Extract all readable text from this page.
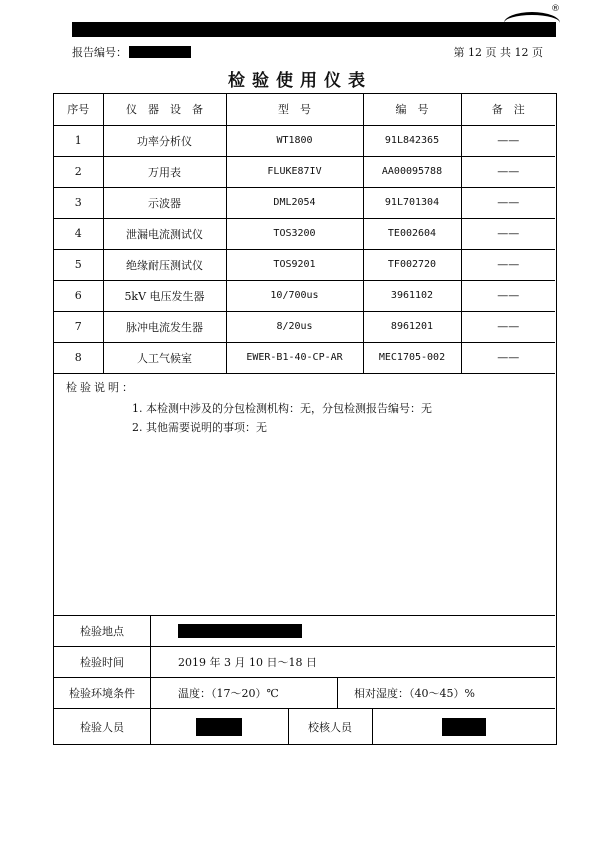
®
报告编号：	第 12 页 共 12 页
检验使用仪表
序号	仪　器　设　备	型　号	编　号	备　注
1	功率分析仪	WT1800	91L842365	——
2	万用表	FLUKE87IV	AA00095788	——
3	示波器	DML2054	91L701304	——
4	泄漏电流测试仪	TOS3200	TE002604	——
5	绝缘耐压测试仪	TOS9201	TF002720	——
6	5kV 电压发生器	10/700us	3961102	——
7	脉冲电流发生器	8/20us	8961201	——
8	人工气候室	EWER-B1-40-CP-AR	MEC1705-002	——
检验说明：
1. 本检测中涉及的分包检测机构：无，分包检测报告编号：无
2. 其他需要说明的事项：无
检验地点
检验时间	2019 年 3 月 10 日～18 日
检验环境条件	温度：（17～20）℃	相对湿度：（40～45）%
检验人员	校核人员
